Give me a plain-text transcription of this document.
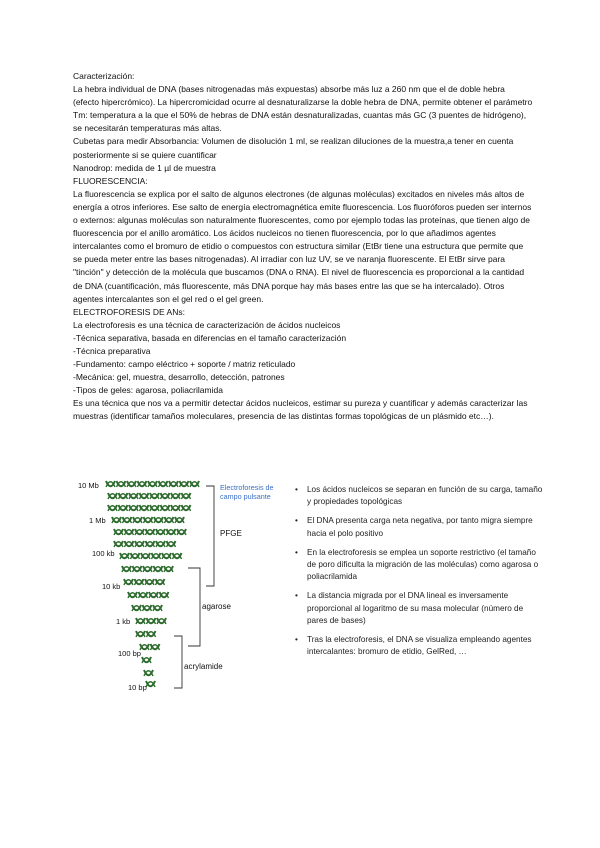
Caracterización:

La hebra individual de DNA (bases nitrogenadas más expuestas) absorbe más luz a 260 nm que el de doble hebra (efecto hipercrómico). La hipercromicidad ocurre al desnaturalizarse la doble hebra de DNA, permite obtener el parámetro Tm: temperatura a la que el 50% de hebras de DNA están desnaturalizadas, cuantas más GC (3 puentes de hidrógeno), se necesitarán temperaturas más altas.

Cubetas para medir Absorbancia: Volumen de disolución 1 ml, se realizan diluciones de la muestra,a tener en cuenta posteriormente si se quiere cuantificar

Nanodrop: medida de 1 µl de muestra

FLUORESCENCIA:

La fluorescencia se explica por el salto de algunos electrones (de algunas moléculas) excitados en niveles más altos de energía a otros inferiores. Ese salto de energía electromagnética emite fluorescencia. Los fluoróforos pueden ser internos o externos: algunas moléculas son naturalmente fluorescentes, como por ejemplo todas las proteínas, que tienen algo de fluorescencia por el anillo aromático. Los ácidos nucleicos no tienen fluorescencia, por lo que añadimos agentes intercalantes como el bromuro de etidio o compuestos con estructura similar (EtBr tiene una estructura que permite que se pueda meter entre las bases nitrogenadas). Al irradiar con luz UV, se ve naranja fluorescente. El EtBr sirve para "tinción" y detección de la molécula que buscamos (DNA o RNA). El nivel de fluorescencia es proporcional a la cantidad de DNA (cuantificación, más fluorescente, más DNA porque hay más bases entre las que se ha intercalado). Otros agentes intercalantes son el gel red o el gel green.

ELECTROFORESIS DE ANs:

La electroforesis es una técnica de caracterización de ácidos nucleicos

-Técnica separativa, basada en diferencias en el tamaño caracterización

-Técnica preparativa

-Fundamento: campo eléctrico + soporte / matriz reticulado

-Mecánica: gel, muestra, desarrollo, detección, patrones

-Tipos de geles: agarosa, poliacrilamida

Es una técnica que nos va a permitir detectar ácidos nucleicos, estimar su pureza y cuantificar y además caracterizar las muestras (identificar tamaños moleculares, presencia de las distintas formas topológicas de un plásmido etc…).

10 Mb
1 Mb
100 kb
10 kb
1 kb
100 bp
10 bp
Electroforesis de campo pulsante
PFGE
agarose
acrylamide
• Los ácidos nucleicos se separan en función de su carga, tamaño y propiedades topológicas
• El DNA presenta carga neta negativa, por tanto migra siempre hacia el polo positivo
• En la electroforesis se emplea un soporte restrictivo (el tamaño de poro dificulta la migración de las moléculas) como agarosa o poliacrilamida
• La distancia migrada por el DNA lineal es inversamente proporcional al logaritmo de su masa molecular (número de pares de bases)
• Tras la electroforesis, el DNA se visualiza empleando agentes intercalantes: bromuro de etidio, GelRed, …
